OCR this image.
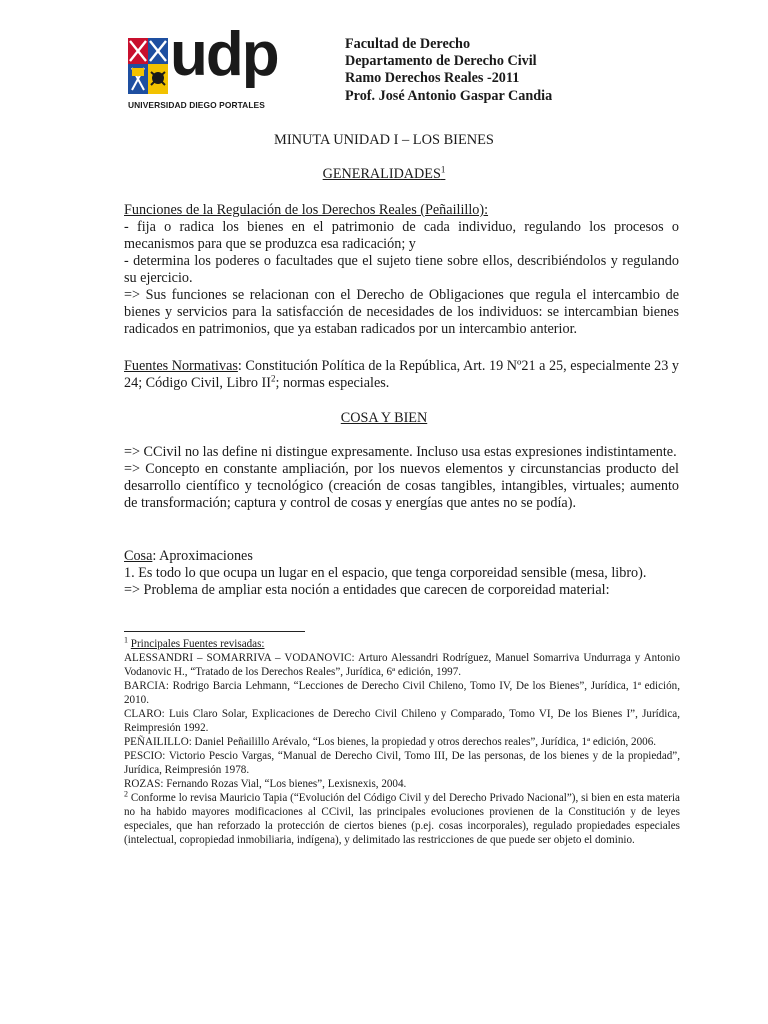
udp
UNIVERSIDAD DIEGO PORTALES
Facultad de Derecho
Departamento de Derecho Civil
Ramo Derechos Reales -2011
Prof. José Antonio Gaspar Candia
MINUTA UNIDAD I – LOS BIENES
GENERALIDADES$^1$
Funciones de la Regulación de los Derechos Reales (Peñailillo):
- fija o radica los bienes en el patrimonio de cada individuo, regulando los procesos o mecanismos para que se produzca esa radicación; y
- determina los poderes o facultades que el sujeto tiene sobre ellos, describiéndolos y regulando su ejercicio.
=> Sus funciones se relacionan con el Derecho de Obligaciones que regula el intercambio de bienes y servicios para la satisfacción de necesidades de los individuos: se intercambian bienes radicados en patrimonios, que ya estaban radicados por un intercambio anterior.
Fuentes Normativas: Constitución Política de la República, Art. 19 Nº21 a 25, especialmente 23 y 24; Código Civil, Libro $II^2$; normas especiales.
COSA Y BIEN
=> CCivil no las define ni distingue expresamente. Incluso usa estas expresiones indistintamente.
=> Concepto en constante ampliación, por los nuevos elementos y circunstancias producto del desarrollo científico y tecnológico (creación de cosas tangibles, intangibles, virtuales; aumento de transformación; captura y control de cosas y energías que antes no se podía).
Cosa: Aproximaciones
1. Es todo lo que ocupa un lugar en el espacio, que tenga corporeidad sensible (mesa, libro).
=> Problema de ampliar esta noción a entidades que carecen de corporeidad material:
$^1$ Principales Fuentes revisadas:
ALESSANDRI – SOMARRIVA – VODANOVIC: Arturo Alessandri Rodríguez, Manuel Somarriva Undurraga y Antonio Vodanovic H., “Tratado de los Derechos Reales”, Jurídica, 6ª edición, 1997.
BARCIA: Rodrigo Barcia Lehmann, “Lecciones de Derecho Civil Chileno, Tomo IV, De los Bienes”, Jurídica, 1ª edición, 2010.
CLARO: Luis Claro Solar, Explicaciones de Derecho Civil Chileno y Comparado, Tomo VI, De los Bienes I”, Jurídica, Reimpresión 1992.
PEÑAILILLO: Daniel Peñailillo Arévalo, “Los bienes, la propiedad y otros derechos reales”, Jurídica, 1ª edición, 2006.
PESCIO: Victorio Pescio Vargas, “Manual de Derecho Civil, Tomo III, De las personas, de los bienes y de la propiedad”, Jurídica, Reimpresión 1978.
ROZAS: Fernando Rozas Vial, “Los bienes”, Lexisnexis, 2004.
$^2$ Conforme lo revisa Mauricio Tapia (“Evolución del Código Civil y del Derecho Privado Nacional”), si bien en esta materia no ha habido mayores modificaciones al CCivil, las principales evoluciones provienen de la Constitución y de leyes especiales, que han reforzado la protección de ciertos bienes (p.ej. cosas incorporales), regulado propiedades especiales (intelectual, copropiedad inmobiliaria, indígena), y delimitado las restricciones de que puede ser objeto el dominio.
